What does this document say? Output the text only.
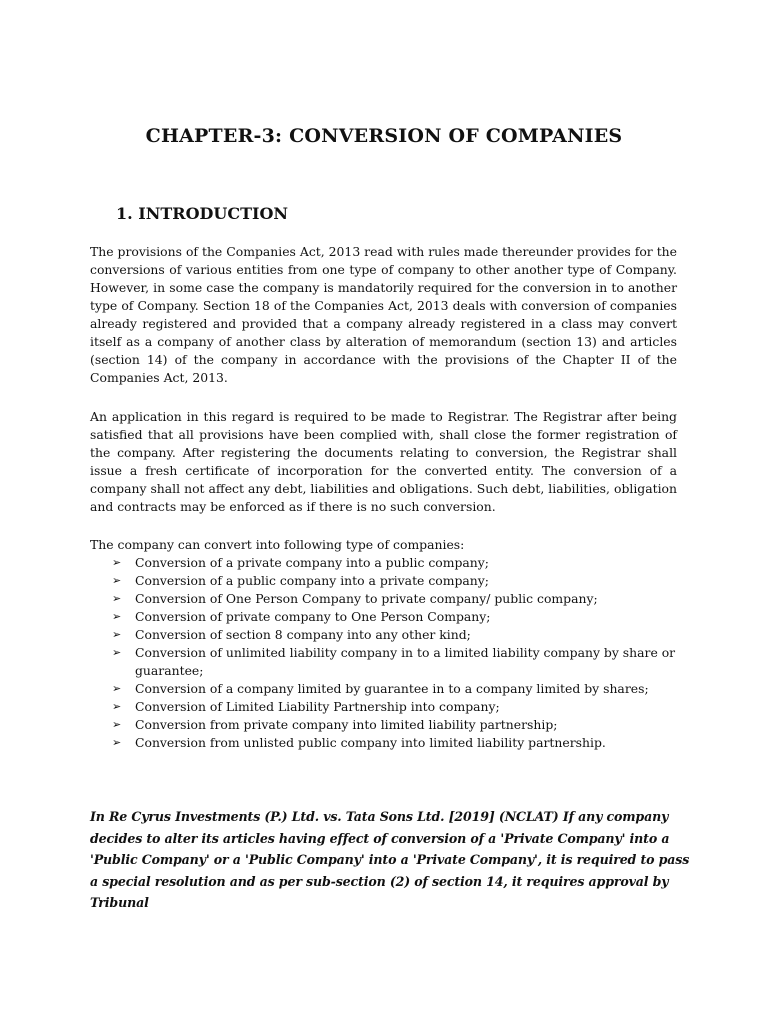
CHAPTER-3: CONVERSION OF COMPANIES
1. INTRODUCTION

The provisions of the Companies Act, 2013 read with rules made thereunder provides for the conversions of various entities from one type of company to other another type of Company. However, in some case the company is mandatorily required for the conversion in to another type of Company. Section 18 of the Companies Act, 2013 deals with conversion of companies already registered and provided that a company already registered in a class may convert itself as a company of another class by alteration of memorandum (section 13) and articles (section 14) of the company in accordance with the provisions of the Chapter II of the Companies Act, 2013.

An application in this regard is required to be made to Registrar. The Registrar after being satisfied that all provisions have been complied with, shall close the former registration of the company. After registering the documents relating to conversion, the Registrar shall issue a fresh certificate of incorporation for the converted entity. The conversion of a company shall not affect any debt, liabilities and obligations. Such debt, liabilities, obligation and contracts may be enforced as if there is no such conversion.

The company can convert into following type of companies:

➢ Conversion of a private company into a public company;
➢ Conversion of a public company into a private company;
➢ Conversion of One Person Company to private company/ public company;
➢ Conversion of private company to One Person Company;
➢ Conversion of section 8 company into any other kind;
➢ Conversion of unlimited liability company in to a limited liability company by share or guarantee;
➢ Conversion of a company limited by guarantee in to a company limited by shares;
➢ Conversion of Limited Liability Partnership into company;
➢ Conversion from private company into limited liability partnership;
➢ Conversion from unlisted public company into limited liability partnership.

In Re Cyrus Investments (P.) Ltd. vs. Tata Sons Ltd. [2019] (NCLAT) If any company decides to alter its articles having effect of conversion of a 'Private Company' into a 'Public Company' or a 'Public Company' into a 'Private Company', it is required to pass a special resolution and as per sub-section (2) of section 14, it requires approval by Tribunal
